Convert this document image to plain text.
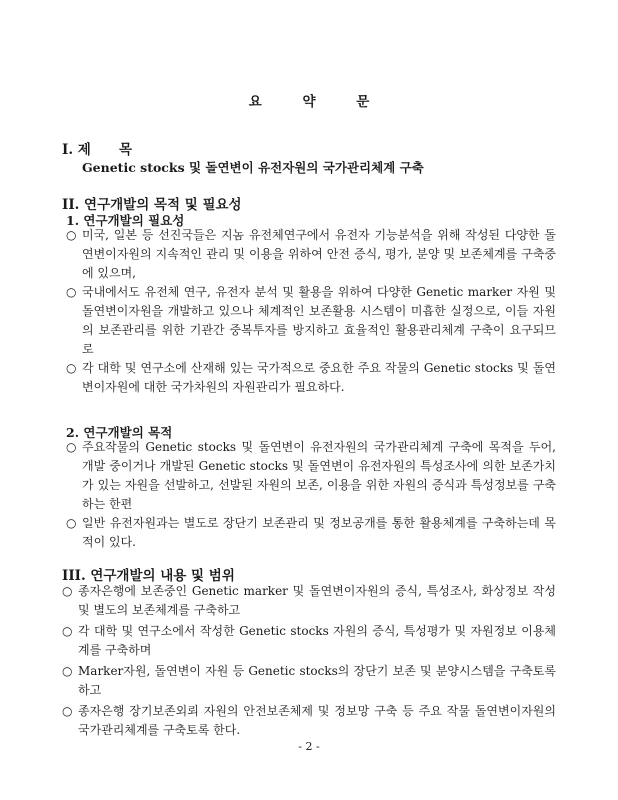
요 약 문
I. 제      목
Genetic stocks 및 돌연변이 유전자원의 국가관리체계 구축
II. 연구개발의 목적 및 필요성
1. 연구개발의 필요성
○ 미국, 일본 등 선진국들은 지놈 유전체연구에서 유전자 기능분석을 위해 작성된 다양한 돌연변이자원의 지속적인 관리 및 이용을 위하여 안전 증식, 평가, 분양 및 보존체계를 구축중에 있으며,
○ 국내에서도 유전체 연구, 유전자 분석 및 활용을 위하여 다양한 Genetic marker 자원 및 돌연변이자원을 개발하고 있으나 체계적인 보존활용 시스템이 미흡한 실정으로, 이들 자원의 보존관리를 위한 기관간 중복투자를 방지하고 효율적인 활용관리체계 구축이 요구되므로
○ 각 대학 및 연구소에 산재해 있는 국가적으로 중요한 주요 작물의 Genetic stocks 및 돌연변이자원에 대한 국가차원의 자원관리가 필요하다.
2. 연구개발의 목적
○ 주요작물의 Genetic stocks 및 돌연변이 유전자원의 국가관리체계 구축에 목적을 두어, 개발 중이거나 개발된 Genetic stocks 및 돌연변이 유전자원의 특성조사에 의한 보존가치가 있는 자원을 선발하고, 선발된 자원의 보존, 이용을 위한 자원의 증식과 특성정보를 구축하는 한편
○ 일반 유전자원과는 별도로 장단기 보존관리 및 정보공개를 통한 활용체계를 구축하는데 목적이 있다.
III. 연구개발의 내용 및 범위
○ 종자은행에 보존중인 Genetic marker 및 돌연변이자원의 증식, 특성조사, 화상정보 작성 및 별도의 보존체계를 구축하고
○ 각 대학 및 연구소에서 작성한 Genetic stocks 자원의 증식, 특성평가 및 자원정보 이용체계를 구축하며
○ Marker자원, 돌연변이 자원 등 Genetic stocks의 장단기 보존 및 분양시스템을 구축토록 하고
○ 종자은행 장기보존외뢰 자원의 안전보존체제 및 정보망 구축 등 주요 작물 돌연변이자원의 국가관리체계를 구축토록 한다.
- 2 -
